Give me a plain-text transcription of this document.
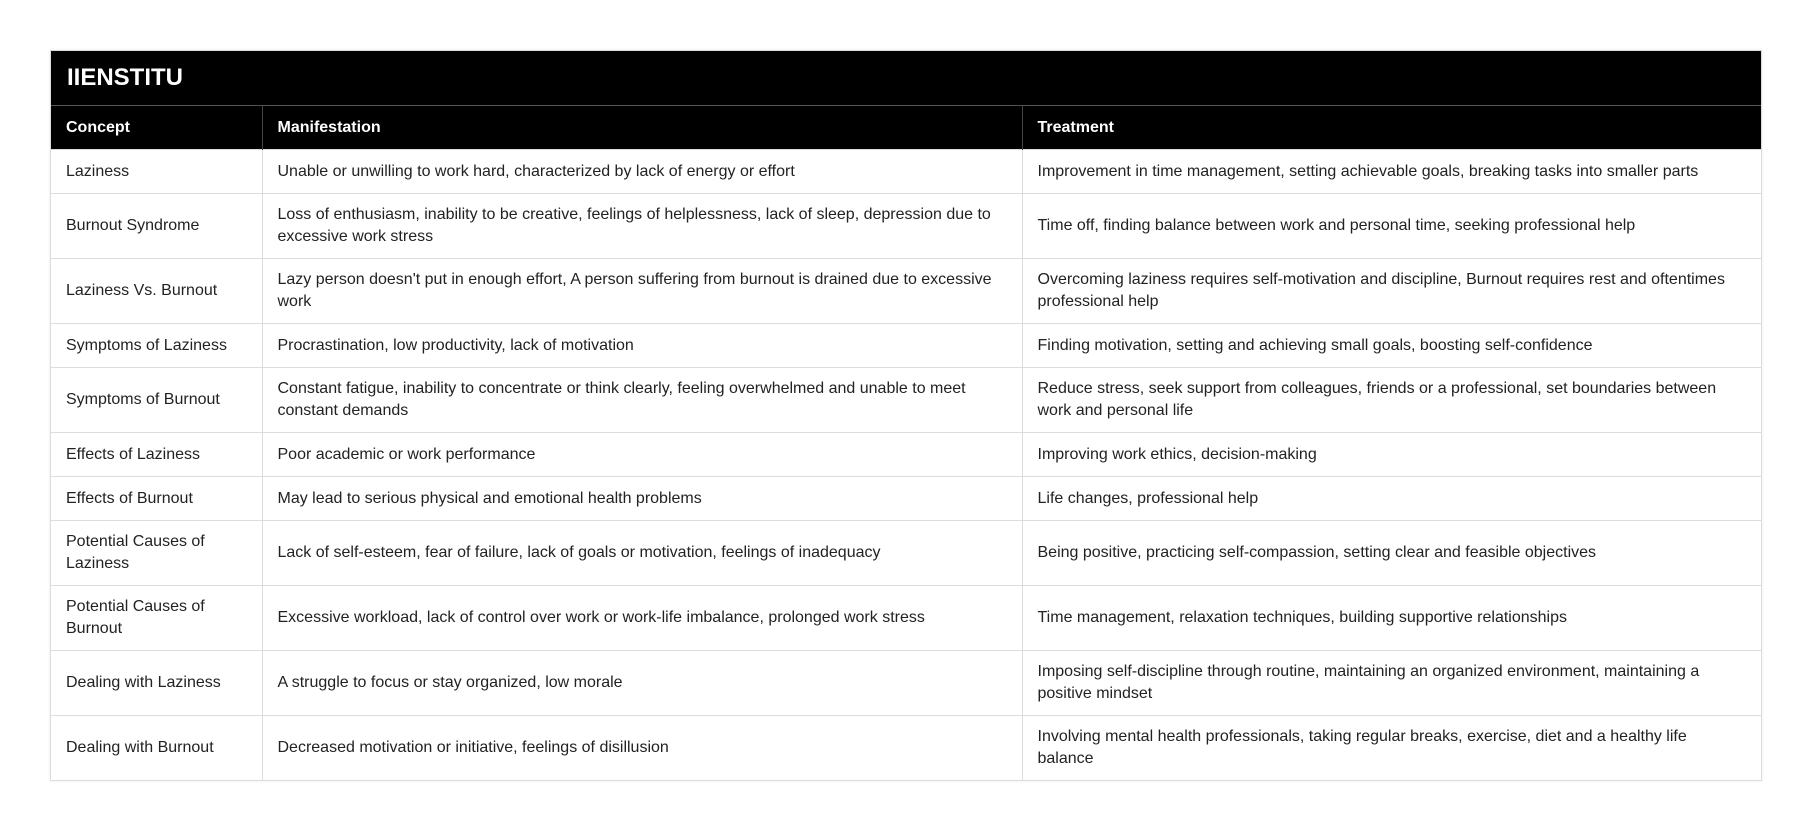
IIENSTITU
Concept	Manifestation	Treatment
Laziness	Unable or unwilling to work hard, characterized by lack of energy or effort	Improvement in time management, setting achievable goals, breaking tasks into smaller parts
Burnout Syndrome	Loss of enthusiasm, inability to be creative, feelings of helplessness, lack of sleep, depression due to excessive work stress	Time off, finding balance between work and personal time, seeking professional help
Laziness Vs. Burnout	Lazy person doesn't put in enough effort, A person suffering from burnout is drained due to excessive work	Overcoming laziness requires self-motivation and discipline, Burnout requires rest and oftentimes professional help
Symptoms of Laziness	Procrastination, low productivity, lack of motivation	Finding motivation, setting and achieving small goals, boosting self-confidence
Symptoms of Burnout	Constant fatigue, inability to concentrate or think clearly, feeling overwhelmed and unable to meet constant demands	Reduce stress, seek support from colleagues, friends or a professional, set boundaries between work and personal life
Effects of Laziness	Poor academic or work performance	Improving work ethics, decision-making
Effects of Burnout	May lead to serious physical and emotional health problems	Life changes, professional help
Potential Causes of Laziness	Lack of self-esteem, fear of failure, lack of goals or motivation, feelings of inadequacy	Being positive, practicing self-compassion, setting clear and feasible objectives
Potential Causes of Burnout	Excessive workload, lack of control over work or work-life imbalance, prolonged work stress	Time management, relaxation techniques, building supportive relationships
Dealing with Laziness	A struggle to focus or stay organized, low morale	Imposing self-discipline through routine, maintaining an organized environment, maintaining a positive mindset
Dealing with Burnout	Decreased motivation or initiative, feelings of disillusion	Involving mental health professionals, taking regular breaks, exercise, diet and a healthy life balance
